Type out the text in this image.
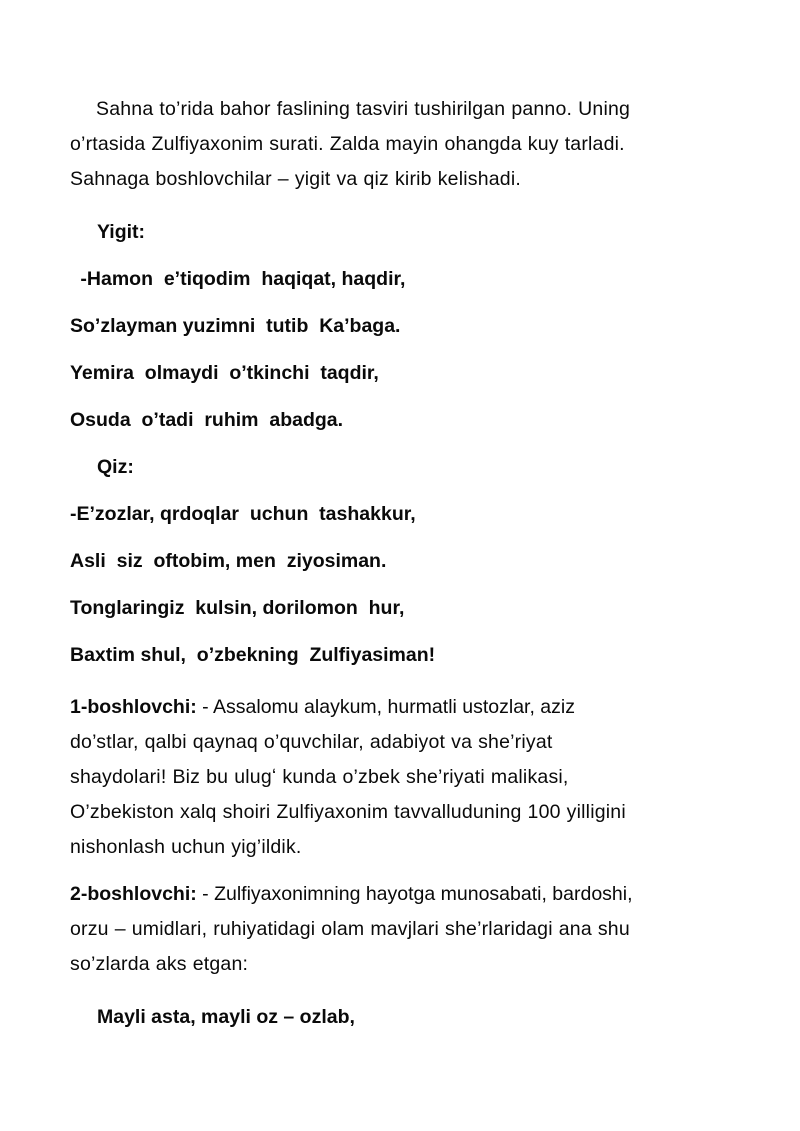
Sahna to’rida bahor faslining tasviri tushirilgan panno. Uning

o’rtasida Zulfiyaxonim surati. Zalda mayin ohangda kuy tarladi.

Sahnaga boshlovchilar – yigit va qiz kirib kelishadi.

Yigit:

-Hamon  e’tiqodim  haqiqat, haqdir,

So’zlayman yuzimni  tutib  Ka’baga.

Yemira  olmaydi  o’tkinchi  taqdir,

Osuda  o’tadi  ruhim  abadga.

Qiz:

-E’zozlar, qrdoqlar  uchun  tashakkur,

Asli  siz  oftobim, men  ziyosiman.

Tonglaringiz  kulsin, dorilomon  hur,

Baxtim shul,  o’zbekning  Zulfiyasiman!

1-boshlovchi: - Assalomu alaykum, hurmatli ustozlar, aziz

do’stlar, qalbi qaynaq o’quvchilar, adabiyot va she’riyat

shaydolari! Biz bu ulugʻ kunda o’zbek she’riyati malikasi,

O’zbekiston xalq shoiri Zulfiyaxonim tavvalluduning 100 yilligini

nishonlash uchun yig’ildik.

2-boshlovchi: - Zulfiyaxonimning hayotga munosabati, bardoshi,

orzu – umidlari, ruhiyatidagi olam mavjlari she’rlaridagi ana shu

so’zlarda aks etgan:

Mayli asta, mayli oz – ozlab,
